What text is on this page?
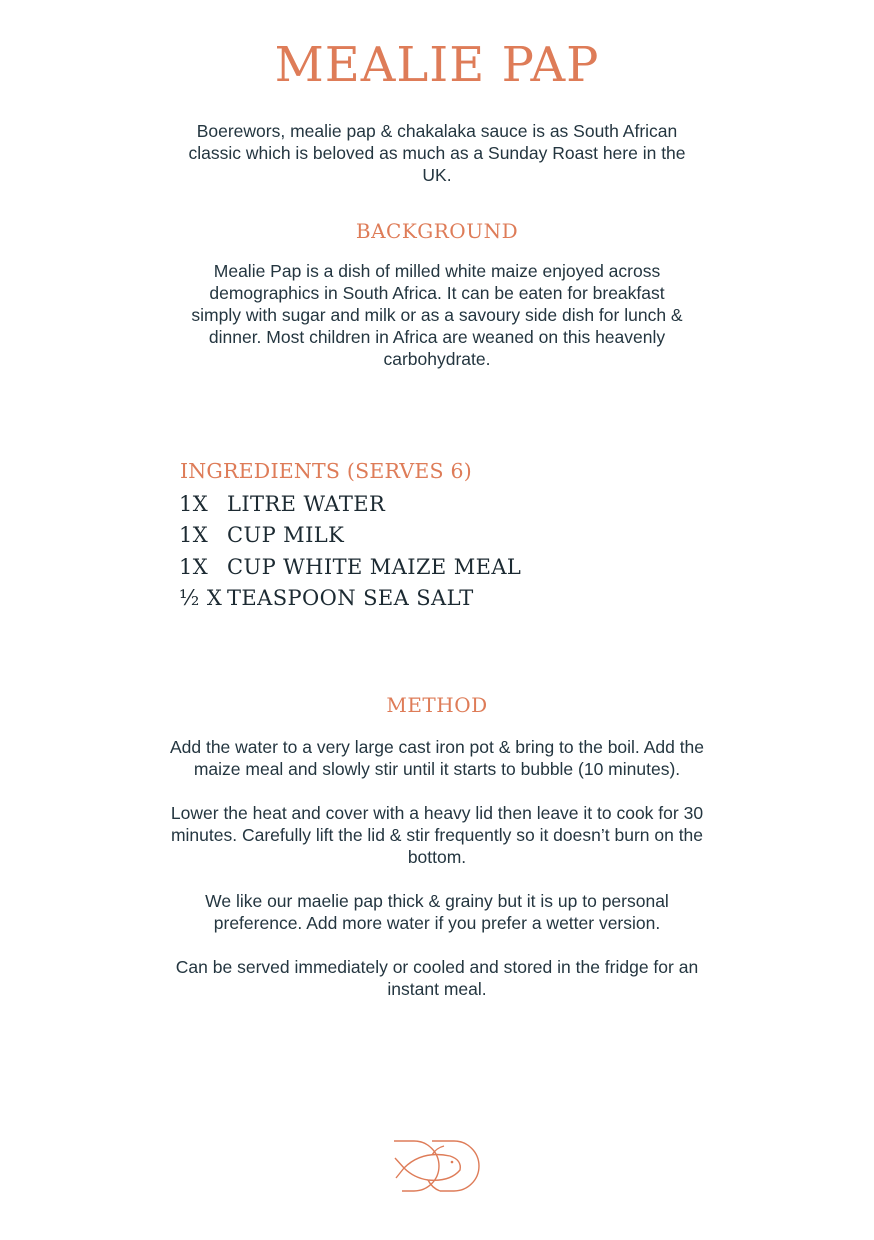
MEALIE PAP
Boerewors, mealie pap & chakalaka sauce is as South African classic which is beloved as much as a Sunday Roast here in the UK.
BACKGROUND
Mealie Pap is a dish of milled white maize enjoyed across demographics in South Africa. It can be eaten for breakfast simply with sugar and milk or as a savoury side dish for lunch & dinner. Most children in Africa are weaned on this heavenly carbohydrate.
INGREDIENTS (SERVES 6)
1X LITRE WATER
1X CUP MILK
1X CUP WHITE MAIZE MEAL
½ X TEASPOON SEA SALT
METHOD

Add the water to a very large cast iron pot & bring to the boil. Add the maize meal and slowly stir until it starts to bubble (10 minutes).

Lower the heat and cover with a heavy lid then leave it to cook for 30 minutes. Carefully lift the lid & stir frequently so it doesn’t burn on the bottom.

We like our maelie pap thick & grainy but it is up to personal preference. Add more water if you prefer a wetter version.

Can be served immediately or cooled and stored in the fridge for an instant meal.
